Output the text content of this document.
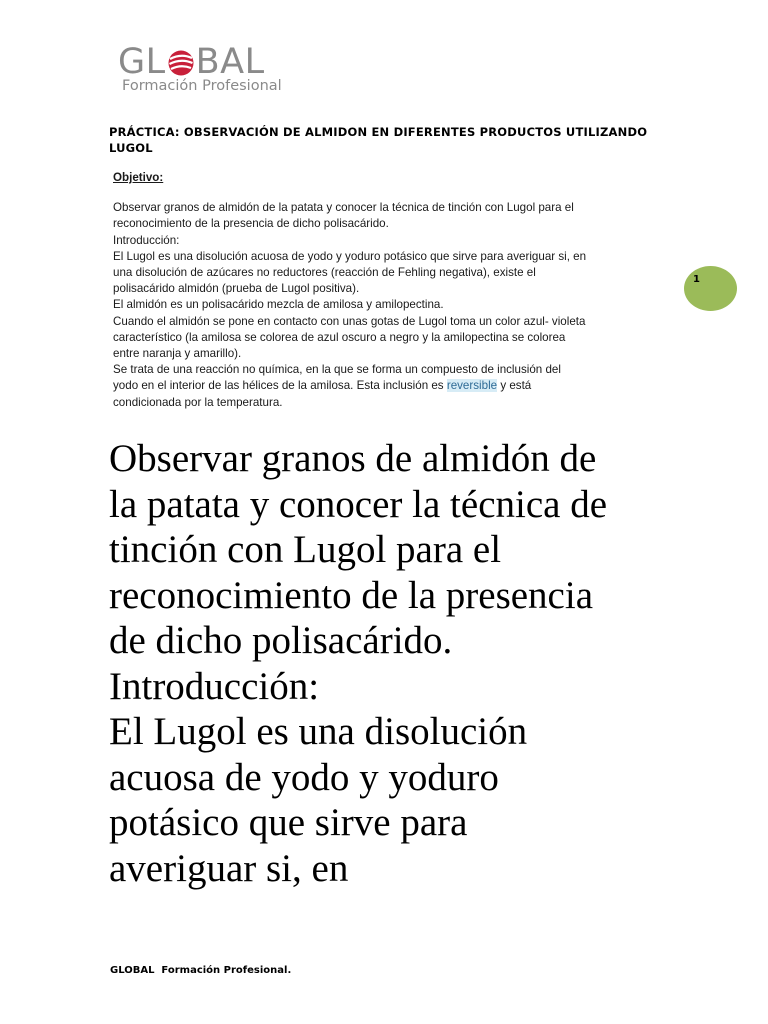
GL BAL
Formación Profesional
PRÁCTICA: OBSERVACIÓN DE ALMIDON EN DIFERENTES PRODUCTOS UTILIZANDO LUGOL
Objetivo:

Observar granos de almidón de la patata y conocer la técnica de tinción con Lugol para el

reconocimiento de la presencia de dicho polisacárido.

Introducción:

El Lugol es una disolución acuosa de yodo y yoduro potásico que sirve para averiguar si, en

una disolución de azúcares no reductores (reacción de Fehling negativa), existe el

polisacárido almidón (prueba de Lugol positiva).

El almidón es un polisacárido mezcla de amilosa y amilopectina.

Cuando el almidón se pone en contacto con unas gotas de Lugol toma un color azul- violeta

característico (la amilosa se colorea de azul oscuro a negro y la amilopectina se colorea

entre naranja y amarillo).

Se trata de una reacción no química, en la que se forma un compuesto de inclusión del

yodo en el interior de las hélices de la amilosa. Esta inclusión es reversible y está

condicionada por la temperatura.

1

Observar granos de almidón de

la patata y conocer la técnica de

tinción con Lugol para el

reconocimiento de la presencia

de dicho polisacárido.

Introducción:

El Lugol es una disolución

acuosa de yodo y yoduro

potásico que sirve para

averiguar si, en

GLOBAL  Formación Profesional.
